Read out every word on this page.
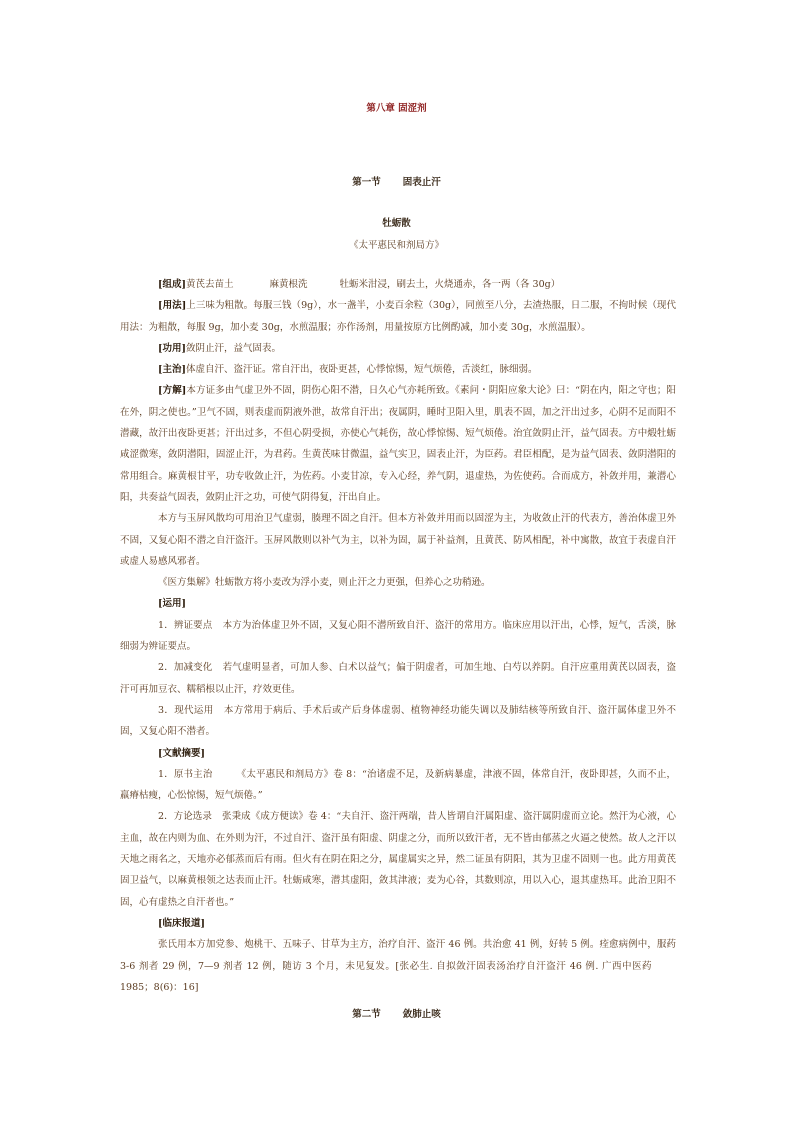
第八章 固涩剂
第一节 固表止汗
牡蛎散
《太平惠民和剂局方》

[组成]黄芪去苗土	麻黄根洗	牡蛎米泔浸，刷去土，火烧通赤，各一两（各 30g）

[用法]上三味为粗散。每服三钱（9g），水一盏半，小麦百余粒（30g），同煎至八分，去渣热服，日二服，不拘时候（现代用法：为粗散，每服 9g，加小麦 30g，水煎温服；亦作汤剂，用量按原方比例酌减，加小麦 30g，水煎温服）。

[功用]敛阴止汗，益气固表。

[主治]体虚自汗、盗汗证。常自汗出，夜卧更甚，心悸惊惕，短气烦倦，舌淡红，脉细弱。

[方解]本方证多由气虚卫外不固，阴伤心阳不潜，日久心气亦耗所致。《素问・阴阳应象大论》曰：“阴在内，阳之守也；阳在外，阴之使也。”卫气不固，则表虚而阴液外泄，故常自汗出；夜属阴，睡时卫阳入里，肌表不固，加之汗出过多，心阴不足而阳不潜藏，故汗出夜卧更甚；汗出过多，不但心阴受损，亦使心气耗伤，故心悸惊惕、短气烦倦。治宜敛阴止汗，益气固表。方中煅牡蛎咸涩微寒，敛阴潜阳，固涩止汗，为君药。生黄芪味甘微温，益气实卫，固表止汗，为臣药。君臣相配，是为益气固表、敛阴潜阳的常用组合。麻黄根甘平，功专收敛止汗，为佐药。小麦甘凉，专入心经，养气阴，退虚热，为佐使药。合而成方，补敛并用，兼潜心阳，共奏益气固表，敛阴止汗之功，可使气阴得复，汗出自止。

本方与玉屏风散均可用治卫气虚弱，腠理不固之自汗。但本方补敛并用而以固涩为主，为收敛止汗的代表方，善治体虚卫外不固，又复心阳不潜之自汗盗汗。玉屏风散则以补气为主，以补为固，属于补益剂，且黄芪、防风相配，补中寓散，故宜于表虚自汗或虚人易感风邪者。

《医方集解》牡蛎散方将小麦改为浮小麦，则止汗之力更强，但养心之功稍逊。

[运用]

1．辨证要点 本方为治体虚卫外不固，又复心阳不潜所致自汗、盗汗的常用方。临床应用以汗出，心悸，短气，舌淡，脉细弱为辨证要点。

2．加减变化 若气虚明显者，可加人参、白术以益气；偏于阴虚者，可加生地、白芍以养阴。自汗应重用黄芪以固表，盗汗可再加豆衣、糯稻根以止汗，疗效更佳。

3．现代运用 本方常用于病后、手术后或产后身体虚弱、植物神经功能失调以及肺结核等所致自汗、盗汗属体虚卫外不固，又复心阳不潜者。

[文献摘要]

1．原书主治	《太平惠民和剂局方》卷 8：“治诸虚不足，及新病暴虚，津液不固，体常自汗，夜卧即甚，久而不止，羸瘠枯瘦，心忪惊惕，短气烦倦。”

2．方论选录 张秉成《成方便读》卷 4：“夫自汗、盗汗两端，昔人皆谓自汗属阳虚、盗汗属阴虚而立论。然汗为心液，心主血，故在内则为血、在外则为汗，不过自汗、盗汗虽有阳虚、阴虚之分，而所以致汗者，无不皆由郁蒸之火逼之使然。故人之汗以天地之雨名之，天地亦必郁蒸而后有雨。但火有在阴在阳之分，属虚属实之异，然二证虽有阴阳，其为卫虚不固则一也。此方用黄芪固卫益气，以麻黄根领之达表而止汗。牡蛎咸寒，潜其虚阳，敛其津液；麦为心谷，其数则凉，用以入心，退其虚热耳。此治卫阳不固，心有虚热之自汗者也。”

[临床报道]

张氏用本方加党参、炮桃干、五味子、甘草为主方，治疗自汗、盗汗 46 例。共治愈 41 例，好转 5 例。痊愈病例中，服药 3-6 剂者 29 例，7—9 剂者 12 例，随访 3 个月，未见复发。[张必生. 自拟敛汗固表汤治疗自汗盗汗 46 例. 广西中医药1985；8(6)：16]

第二节 敛肺止咳
